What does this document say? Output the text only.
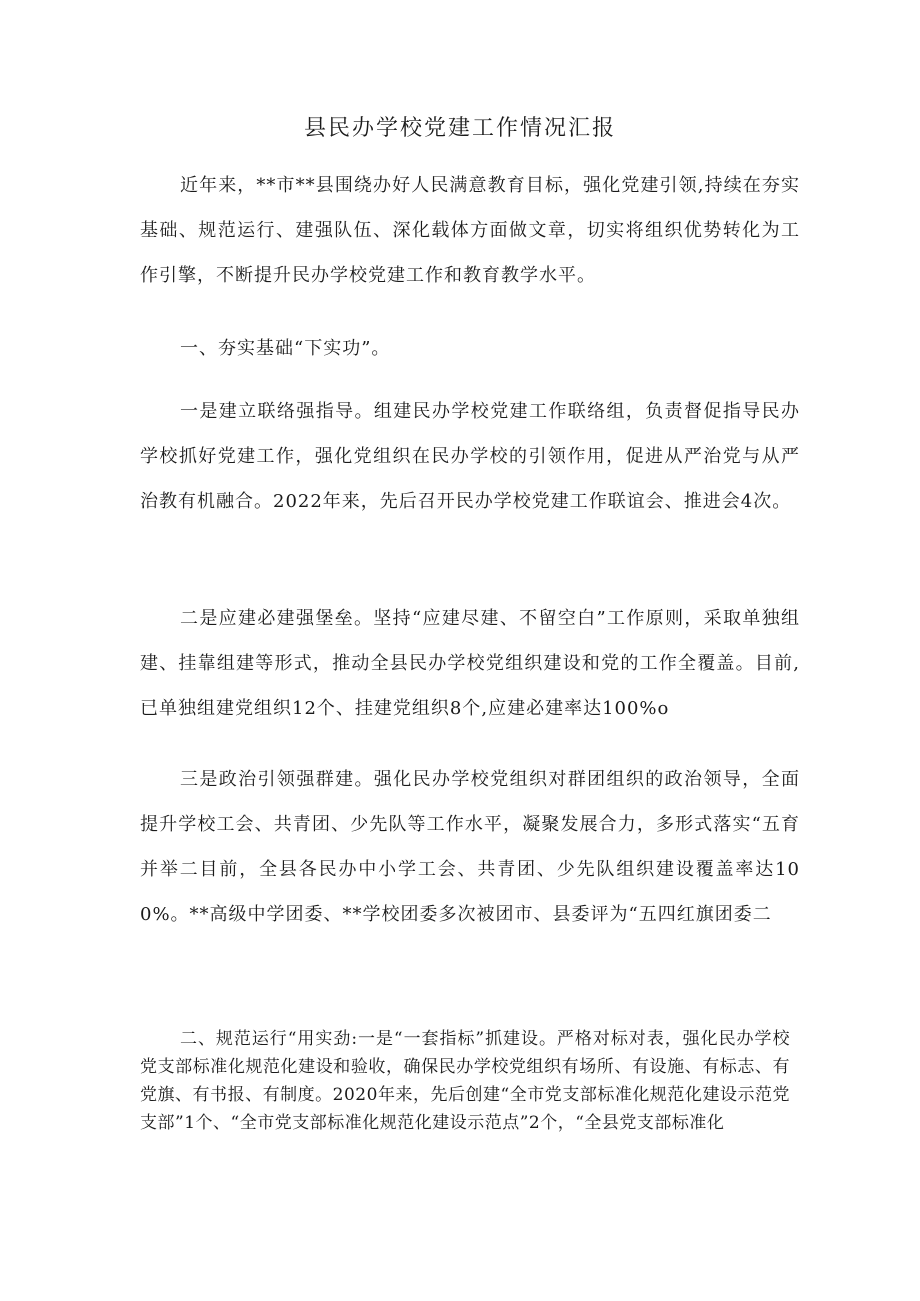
县民办学校党建工作情况汇报

近年来，**市**县围绕办好人民满意教育目标，强化党建引领,持续在夯实基础、规范运行、建强队伍、深化载体方面做文章，切实将组织优势转化为工作引擎，不断提升民办学校党建工作和教育教学水平。

一、夯实基础“下实功”。

一是建立联络强指导。组建民办学校党建工作联络组，负责督促指导民办学校抓好党建工作，强化党组织在民办学校的引领作用，促进从严治党与从严治教有机融合。2022年来，先后召开民办学校党建工作联谊会、推进会4次。

二是应建必建强堡垒。坚持“应建尽建、不留空白”工作原则，采取单独组建、挂靠组建等形式，推动全县民办学校党组织建设和党的工作全覆盖。目前,已单独组建党组织12个、挂建党组织8个,应建必建率达100%o

三是政治引领强群建。强化民办学校党组织对群团组织的政治领导，全面提升学校工会、共青团、少先队等工作水平，凝聚发展合力，多形式落实“五育并举二目前，全县各民办中小学工会、共青团、少先队组织建设覆盖率达100%。**高级中学团委、**学校团委多次被团市、县委评为“五四红旗团委二

二、规范运行“用实劲:一是“一套指标”抓建设。严格对标对表，强化民办学校党支部标准化规范化建设和验收，确保民办学校党组织有场所、有设施、有标志、有党旗、有书报、有制度。2020年来，先后创建“全市党支部标准化规范化建设示范党支部”1个、“全市党支部标准化规范化建设示范点”2个，“全县党支部标准化
